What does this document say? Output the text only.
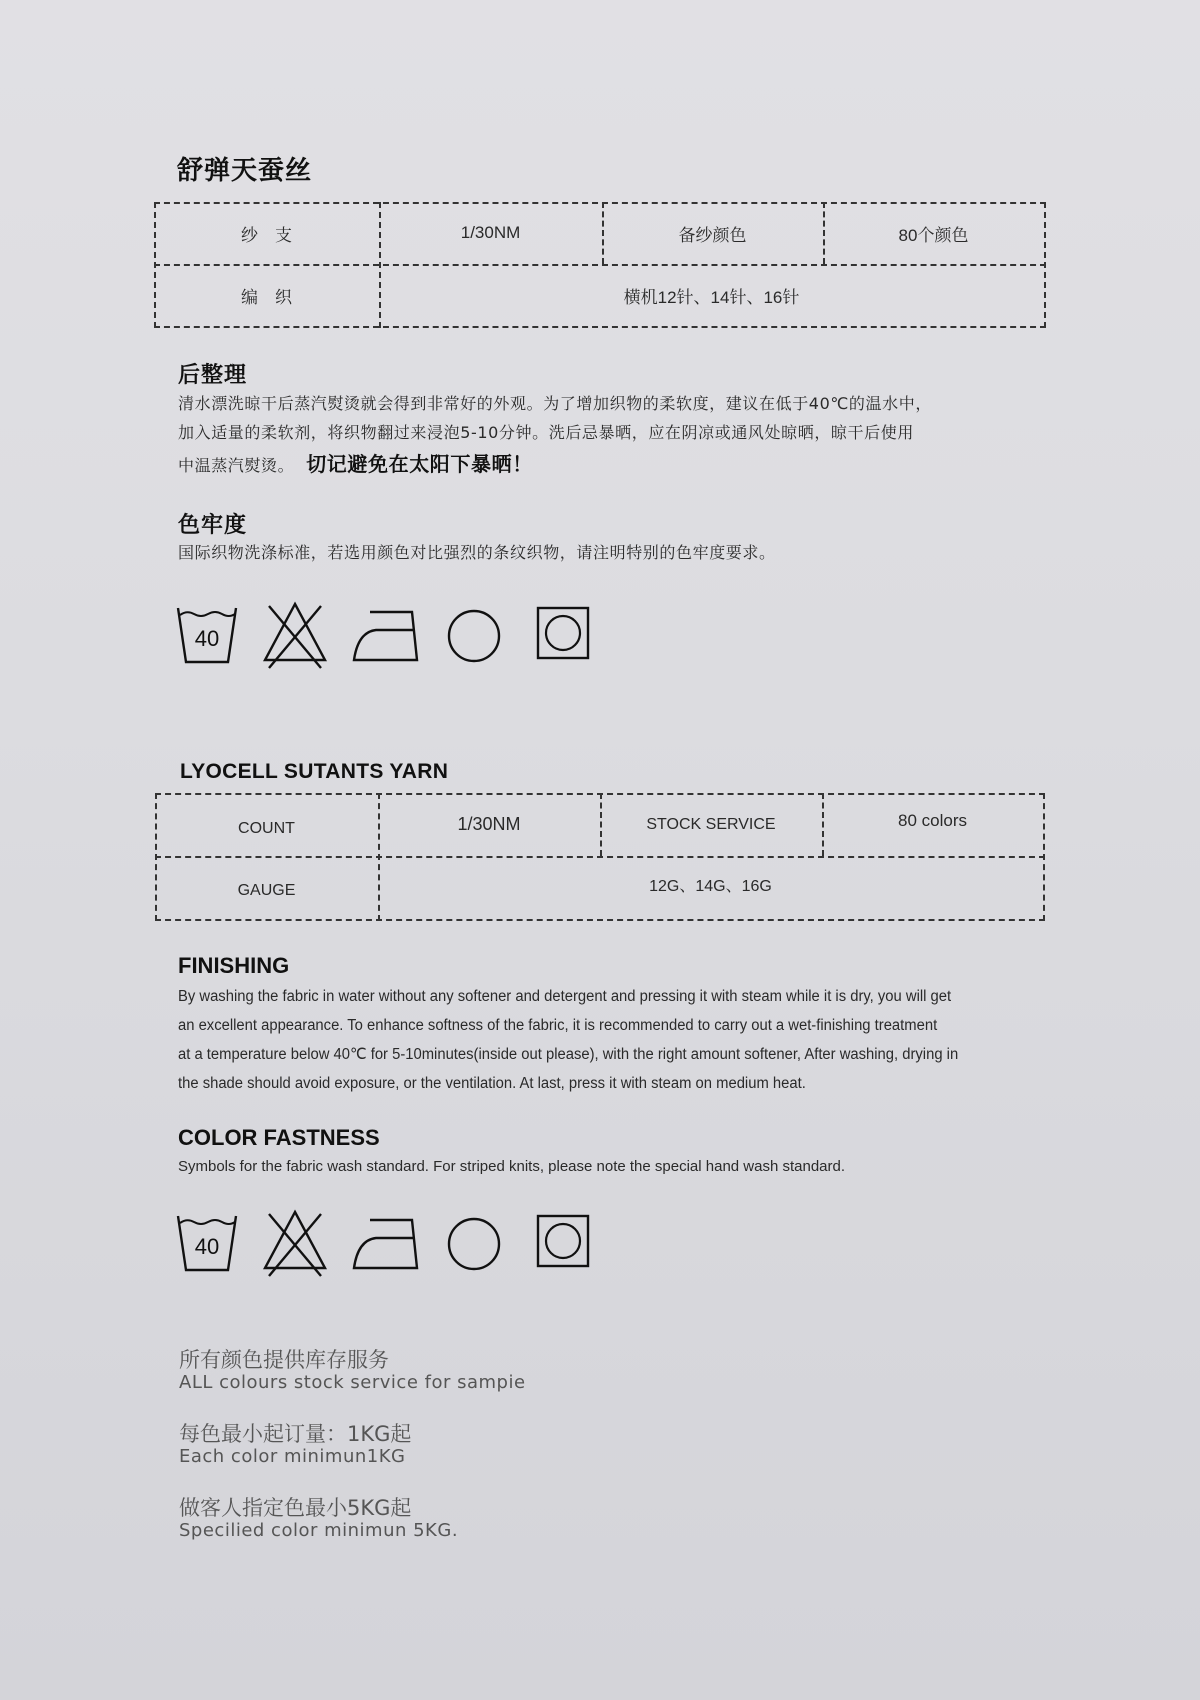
舒弹天蚕丝
纱　支	1/30NM	备纱颜色	80个颜色
编　织	横机12针、14针、16针
后整理
清水漂洗晾干后蒸汽熨烫就会得到非常好的外观。为了增加织物的柔软度，建议在低于40℃的温水中，
加入适量的柔软剂，将织物翻过来浸泡5-10分钟。洗后忌暴晒，应在阴凉或通风处晾晒，晾干后使用
中温蒸汽熨烫。 切记避免在太阳下暴晒！
色牢度
国际织物洗涤标准，若选用颜色对比强烈的条纹织物，请注明特别的色牢度要求。
40
LYOCELL SUTANTS YARN
COUNT	1/30NM	STOCK SERVICE	80 colors
GAUGE	12G、14G、16G
FINISHING
By washing the fabric in water without any softener and detergent and pressing it with steam while it is dry, you will get
an excellent appearance. To enhance softness of the fabric, it is recommended to carry out a wet-finishing treatment
at a temperature below 40℃ for 5-10minutes(inside out please), with the right amount softener, After washing, drying in
the shade should avoid exposure, or the ventilation. At last, press it with steam on medium heat.
COLOR FASTNESS
Symbols for the fabric wash standard. For striped knits, please note the special hand wash standard.
40
所有颜色提供库存服务
ALL colours stock service for sampie
每色最小起订量：1KG起
Each color minimun1KG
做客人指定色最小5KG起
Specilied color minimun 5KG.
